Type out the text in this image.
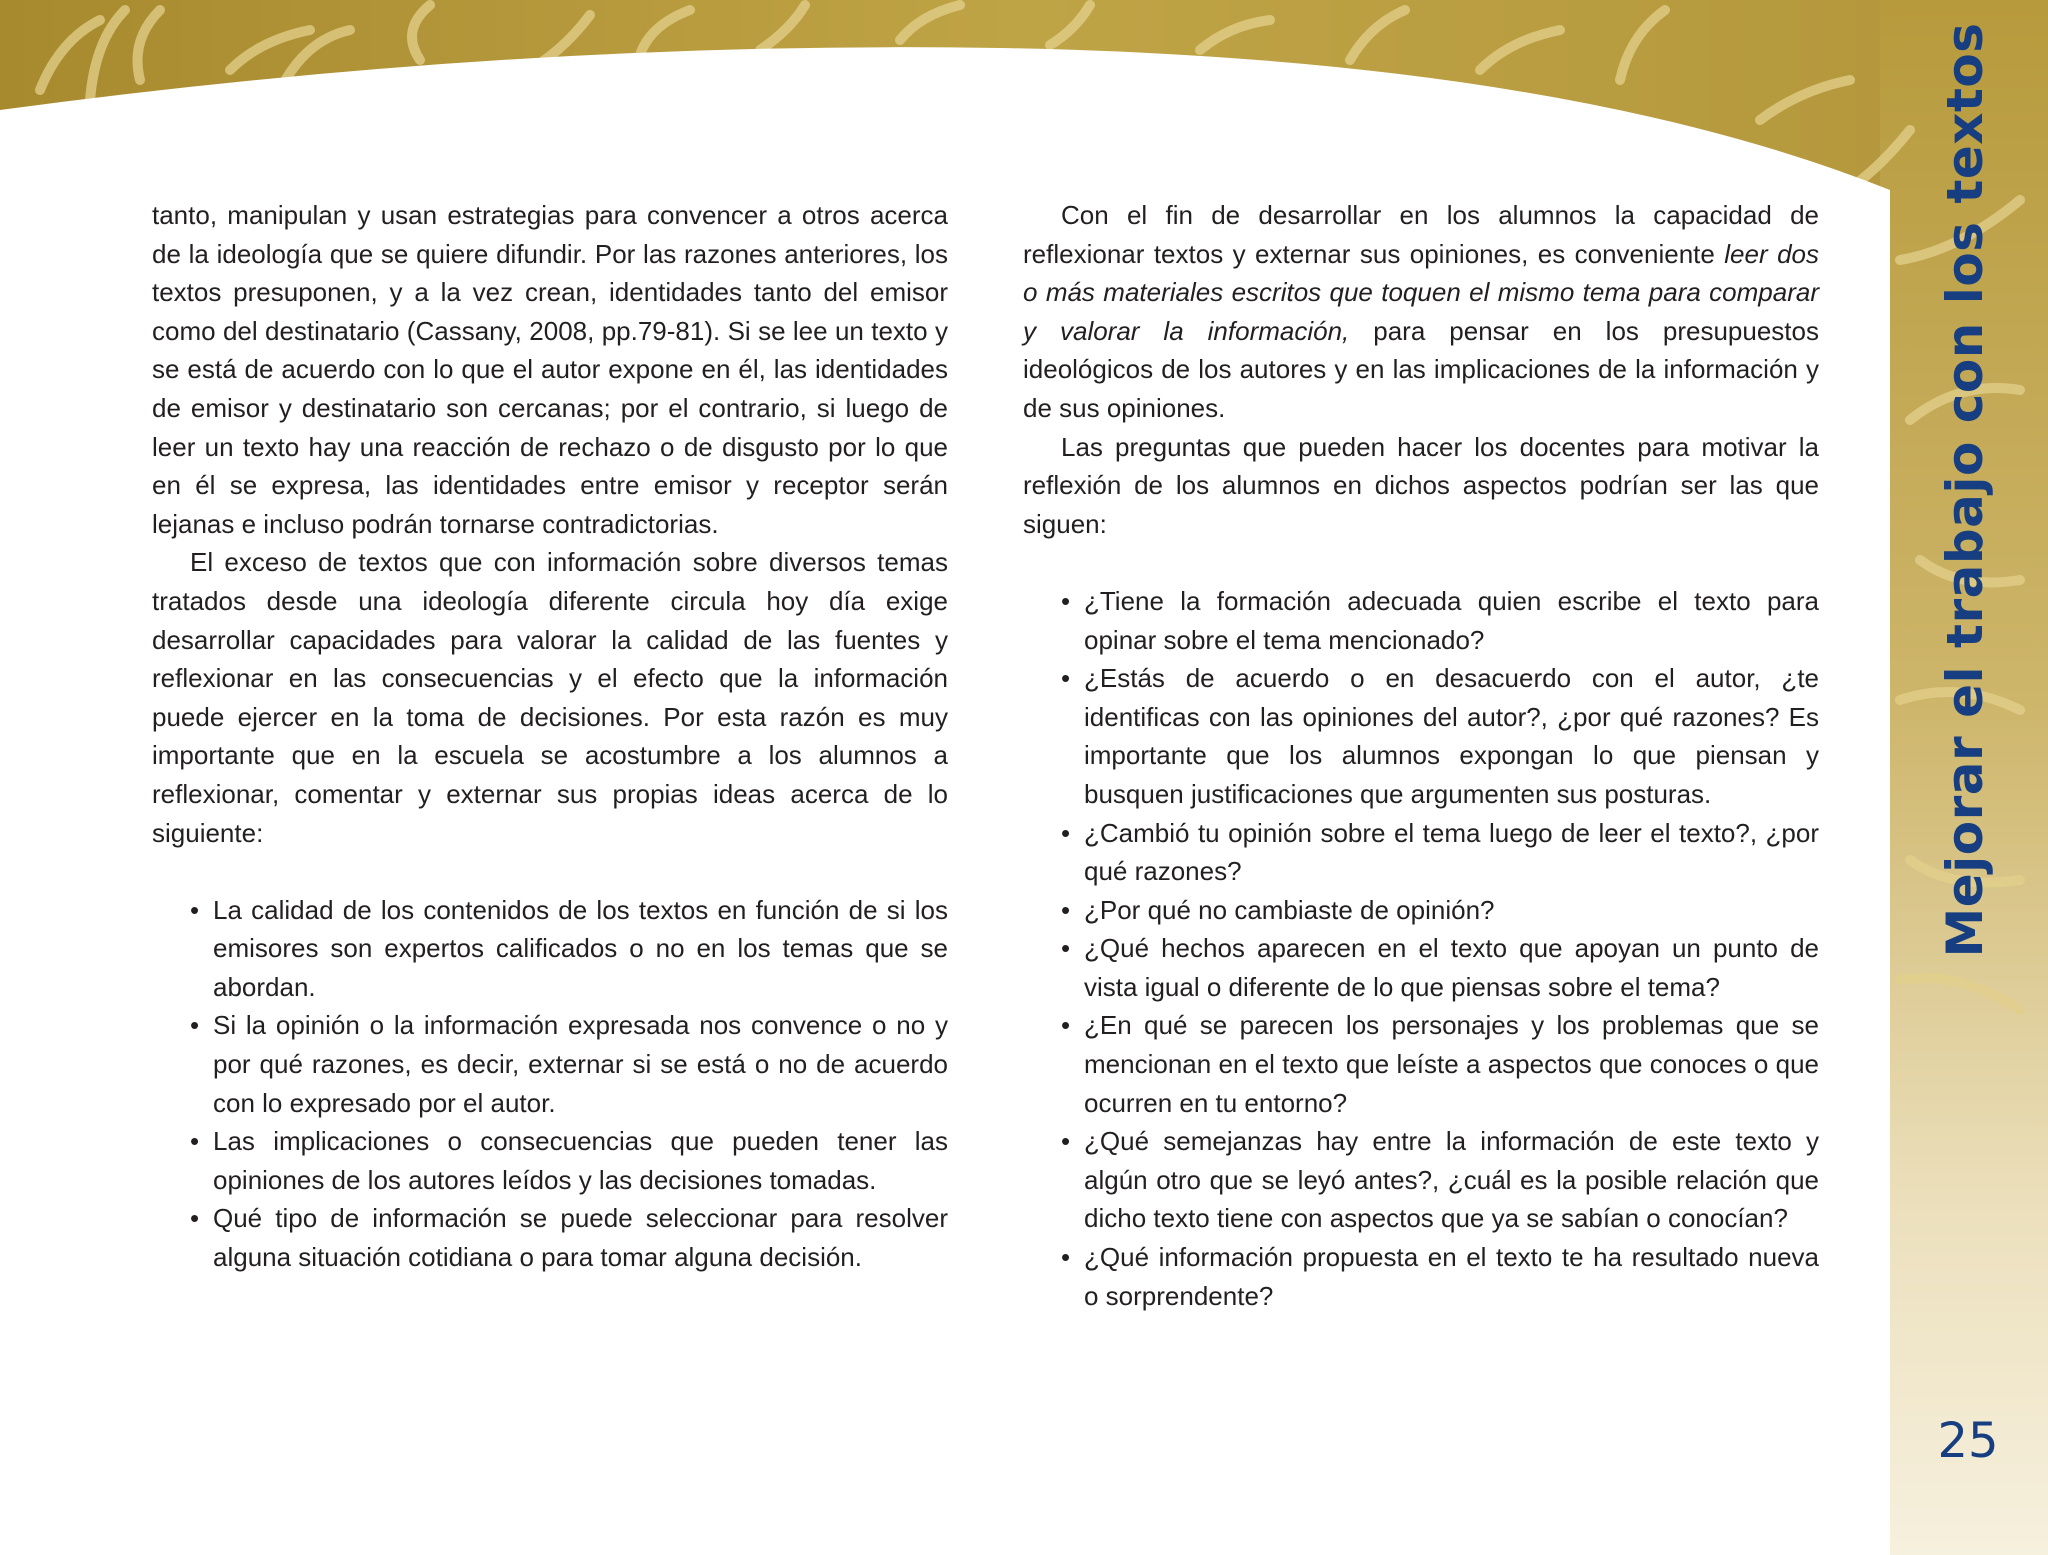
tanto, manipulan y usan estrategias para convencer a otros acerca de la ideología que se quiere difundir. Por las razones anteriores, los textos presuponen, y a la vez crean, identidades tanto del emisor como del destinatario (Cassany, 2008, pp.79-81). Si se lee un texto y se está de acuerdo con lo que el autor expone en él, las identidades de emisor y destinatario son cercanas; por el contrario, si luego de leer un texto hay una reacción de rechazo o de disgusto por lo que en él se expresa, las identidades entre emisor y receptor serán lejanas e incluso podrán tornarse contradictorias.

El exceso de textos que con información sobre diversos temas tratados desde una ideología diferente circula hoy día exige desarrollar capacidades para valorar la calidad de las fuentes y reflexionar en las consecuencias y el efecto que la información puede ejercer en la toma de decisiones. Por esta razón es muy importante que en la escuela se acostumbre a los alumnos a reflexionar, comentar y externar sus propias ideas acerca de lo siguiente:

• La calidad de los contenidos de los textos en función de si los emisores son expertos calificados o no en los temas que se abordan.
• Si la opinión o la información expresada nos convence o no y por qué razones, es decir, externar si se está o no de acuerdo con lo expresado por el autor.
• Las implicaciones o consecuencias que pueden tener las opiniones de los autores leídos y las decisiones tomadas.
• Qué tipo de información se puede seleccionar para resolver alguna situación cotidiana o para tomar alguna decisión.

Con el fin de desarrollar en los alumnos la capacidad de reflexionar textos y externar sus opiniones, es conveniente leer dos o más materiales escritos que toquen el mismo tema para comparar y valorar la información, para pensar en los presupuestos ideológicos de los autores y en las implicaciones de la información y de sus opiniones.

Las preguntas que pueden hacer los docentes para motivar la reflexión de los alumnos en dichos aspectos podrían ser las que siguen:

• ¿Tiene la formación adecuada quien escribe el texto para opinar sobre el tema mencionado?
• ¿Estás de acuerdo o en desacuerdo con el autor, ¿te identificas con las opiniones del autor?, ¿por qué razones? Es importante que los alumnos expongan lo que piensan y busquen justificaciones que argumenten sus posturas.
• ¿Cambió tu opinión sobre el tema luego de leer el texto?, ¿por qué razones?
• ¿Por qué no cambiaste de opinión?
• ¿Qué hechos aparecen en el texto que apoyan un punto de vista igual o diferente de lo que piensas sobre el tema?
• ¿En qué se parecen los personajes y los problemas que se mencionan en el texto que leíste a aspectos que conoces o que ocurren en tu entorno?
• ¿Qué semejanzas hay entre la información de este texto y algún otro que se leyó antes?, ¿cuál es la posible relación que dicho texto tiene con aspectos que ya se sabían o conocían?
• ¿Qué información propuesta en el texto te ha resultado nueva o sorprendente?
Mejorar el trabajo con los textos
25
